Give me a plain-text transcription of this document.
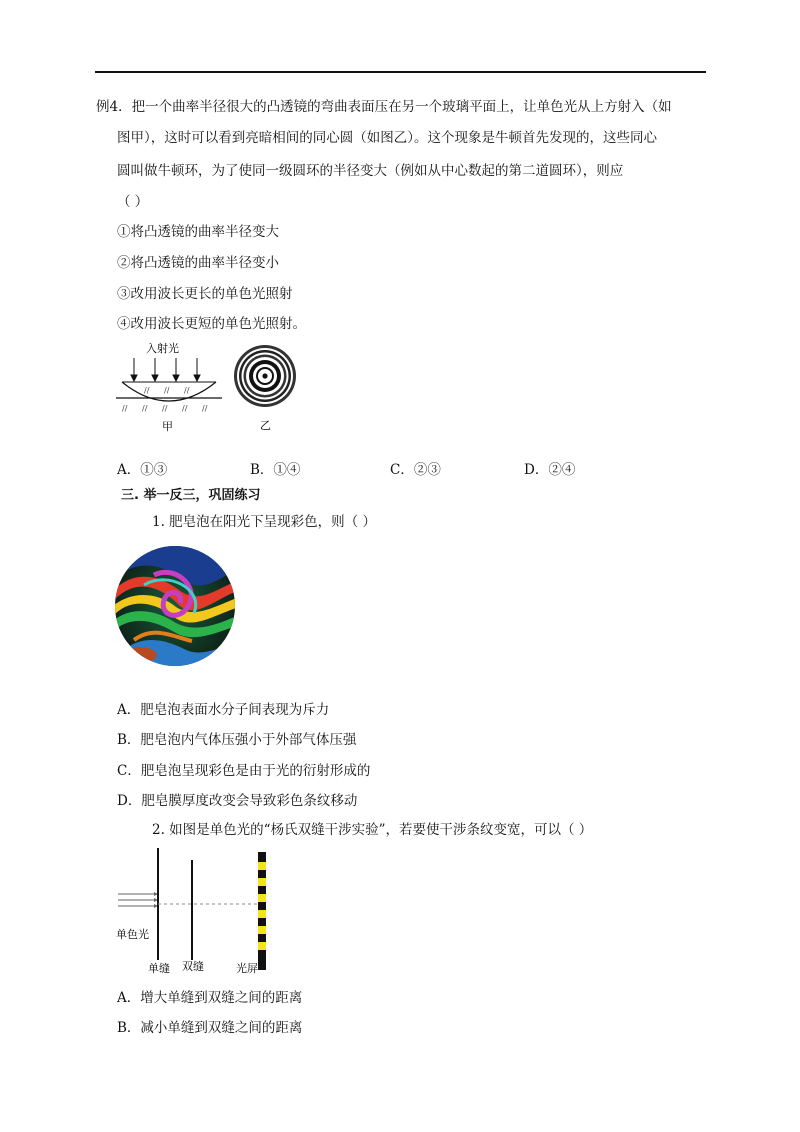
例4．把一个曲率半径很大的凸透镜的弯曲表面压在另一个玻璃平面上，让单色光从上方射入（如
图甲），这时可以看到亮暗相间的同心圆（如图乙）。这个现象是牛顿首先发现的，这些同心
圆叫做牛顿环，为了使同一级圆环的半径变大（例如从中心数起的第二道圆环），则应
（ ）
①将凸透镜的曲率半径变大
②将凸透镜的曲率半径变小
③改用波长更长的单色光照射
④改用波长更短的单色光照射。
入射光
// // //
// // // // //
甲	乙
A．①③	B．①④	C．②③	D．②④
三. 举一反三，巩固练习
1. 肥皂泡在阳光下呈现彩色，则（ ）
A．肥皂泡表面水分子间表现为斥力
B．肥皂泡内气体压强小于外部气体压强
C．肥皂泡呈现彩色是由于光的衍射形成的
D．肥皂膜厚度改变会导致彩色条纹移动
2. 如图是单色光的“杨氏双缝干涉实验”，若要使干涉条纹变宽，可以（ ）
单色光
单缝 双缝	光屏
A．增大单缝到双缝之间的距离
B．减小单缝到双缝之间的距离
